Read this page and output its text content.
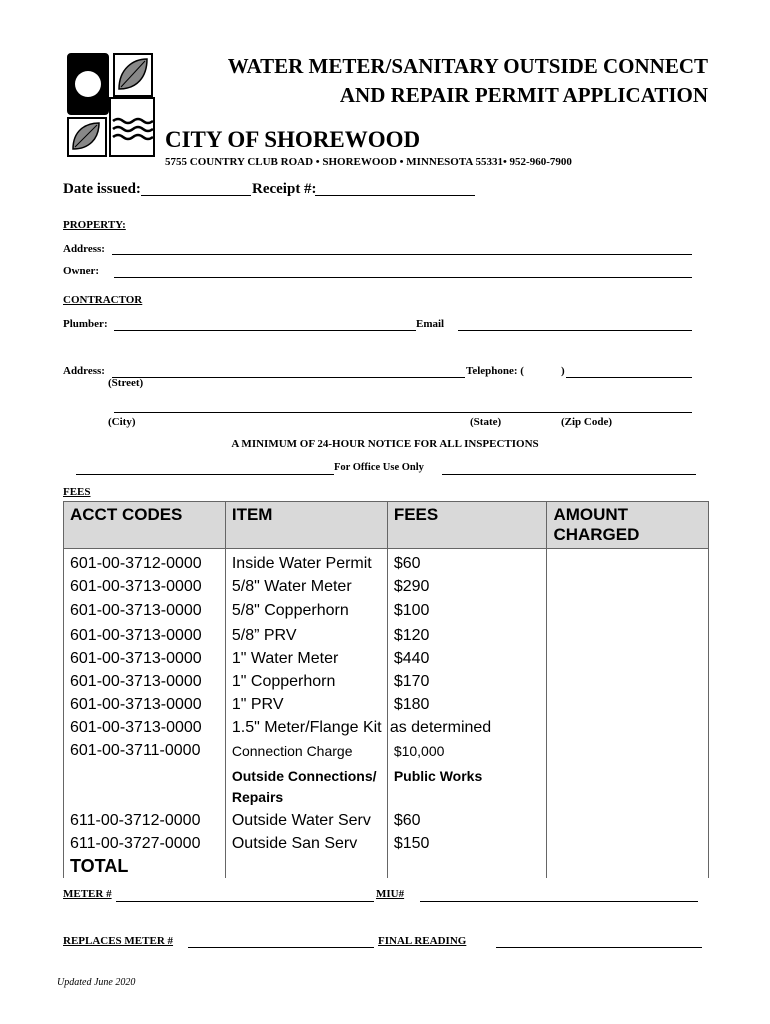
WATER METER/SANITARY OUTSIDE CONNECT
AND REPAIR PERMIT APPLICATION
CITY OF SHOREWOOD
5755 COUNTRY CLUB ROAD • SHOREWOOD • MINNESOTA 55331• 952-960-7900
Date issued:	Receipt #:
PROPERTY:
Address:
Owner:
CONTRACTOR
Plumber:	Email
Address:	Telephone: (	)
(Street)
(City)	(State)	(Zip Code)
A MINIMUM OF 24-HOUR NOTICE FOR ALL INSPECTIONS
For Office Use Only
FEES
ACCT CODES	ITEM	FEES	AMOUNT CHARGED
601-00-3712-0000	Inside Water Permit	$60	
601-00-3713-0000	5/8" Water Meter	$290	
601-00-3713-0000	5/8" Copperhorn	$100	
601-00-3713-0000	5/8” PRV	$120	
601-00-3713-0000	1" Water Meter	$440	
601-00-3713-0000	1" Copperhorn	$170	
601-00-3713-0000	1" PRV	$180	
601-00-3713-0000	1.5" Meter/Flange Kit	as determined	
601-00-3711-0000	Connection Charge	$10,000	
	Outside Connections/ Repairs	Public Works	
611-00-3712-0000	Outside Water Serv	$60	
611-00-3727-0000	Outside San Serv	$150	
TOTAL			
METER #	MIU#
REPLACES METER #	FINAL READING
Updated June 2020
